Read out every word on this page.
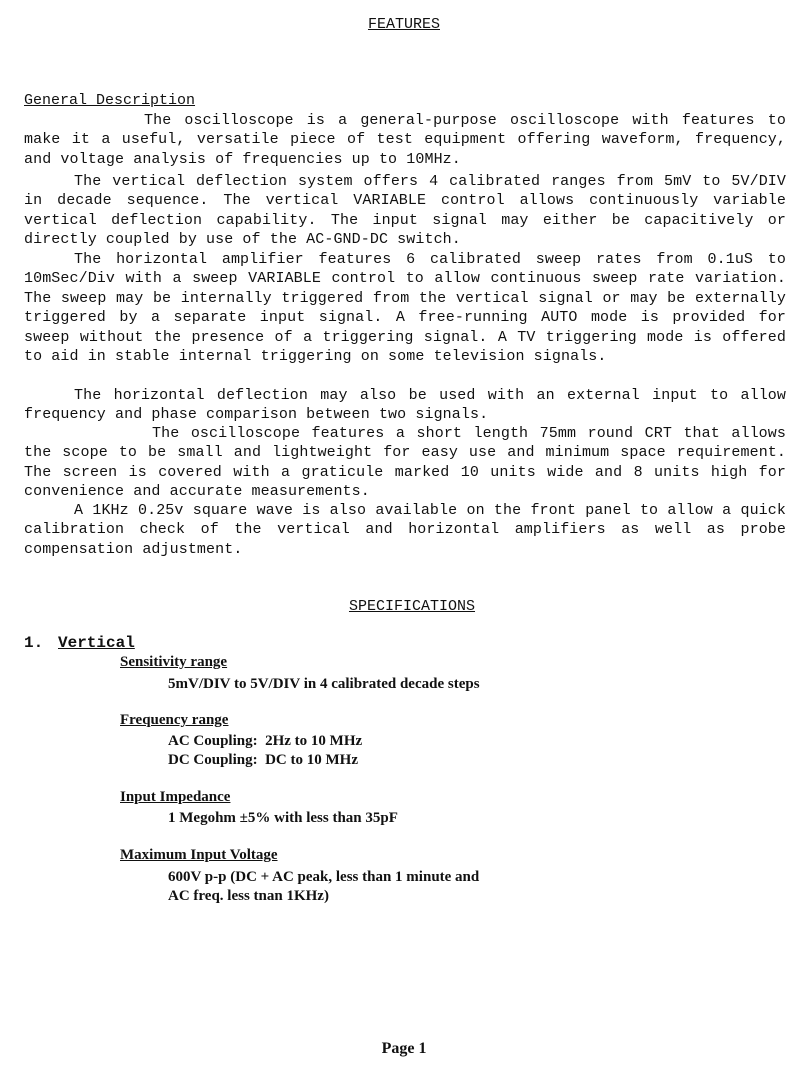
FEATURES
General Description
The oscilloscope is a general-purpose oscilloscope with features to make it a useful, versatile piece of test equipment offering waveform, frequency, and voltage analysis of frequencies up to 10MHz.
The vertical deflection system offers 4 calibrated ranges from 5mV to 5V/DIV in decade sequence. The vertical VARIABLE control allows continuously variable vertical deflection capability. The input signal may either be capacitively or directly coupled by use of the AC-GND-DC switch.
The horizontal amplifier features 6 calibrated sweep rates from 0.1uS to 10mSec/Div with a sweep VARIABLE control to allow continuous sweep rate variation. The sweep may be internally triggered from the vertical signal or may be externally triggered by a separate input signal. A free-running AUTO mode is provided for sweep without the presence of a triggering signal. A TV triggering mode is offered to aid in stable internal triggering on some television signals.
The horizontal deflection may also be used with an external input to allow frequency and phase comparison between two signals.
The oscilloscope features a short length 75mm round CRT that allows the scope to be small and lightweight for easy use and minimum space requirement. The screen is covered with a graticule marked 10 units wide and 8 units high for convenience and accurate measurements.
A 1KHz 0.25v square wave is also available on the front panel to allow a quick calibration check of the vertical and horizontal amplifiers as well as probe compensation adjustment.
SPECIFICATIONS
1. Vertical
Sensitivity range
5mV/DIV to 5V/DIV in 4 calibrated decade steps
Frequency range
AC Coupling:  2Hz to 10 MHz
DC Coupling:  DC to 10 MHz
Input Impedance
1 Megohm ±5% with less than 35pF
Maximum Input Voltage
600V p-p (DC + AC peak, less than 1 minute and
AC freq. less tnan 1KHz)
Page 1
